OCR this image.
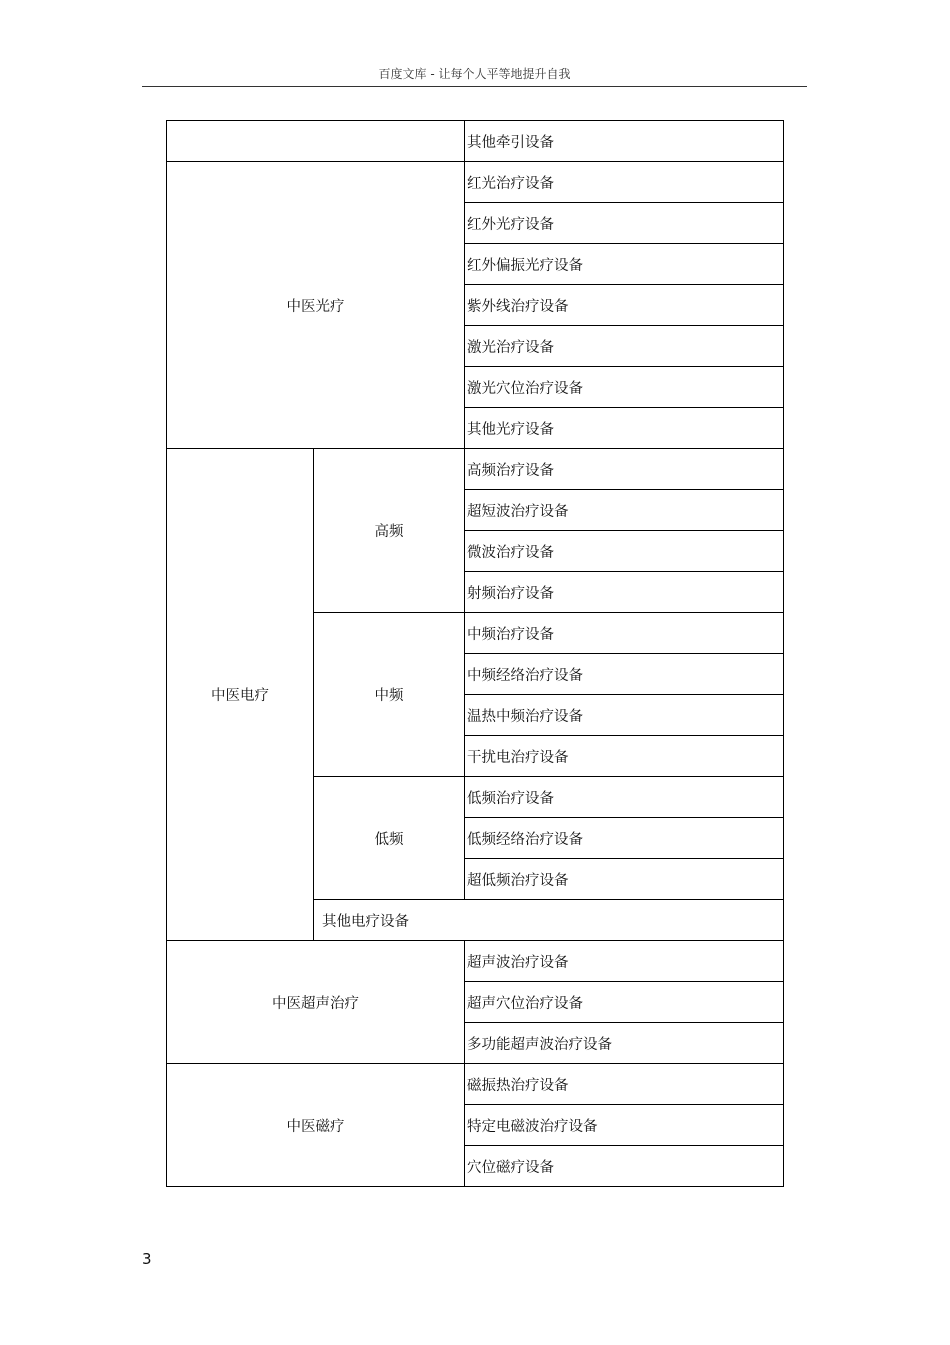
百度文库 - 让每个人平等地提升自我
		其他牵引设备
中医光疗		红光治疗设备
		红外光疗设备
		红外偏振光疗设备
		紫外线治疗设备
		激光治疗设备
		激光穴位治疗设备
		其他光疗设备
中医电疗	高频	高频治疗设备
		超短波治疗设备
		微波治疗设备
		射频治疗设备
	中频	中频治疗设备
		中频经络治疗设备
		温热中频治疗设备
		干扰电治疗设备
	低频	低频治疗设备
		低频经络治疗设备
		超低频治疗设备
	其他电疗设备	
中医超声治疗		超声波治疗设备
		超声穴位治疗设备
		多功能超声波治疗设备
中医磁疗		磁振热治疗设备
		特定电磁波治疗设备
		穴位磁疗设备
3
